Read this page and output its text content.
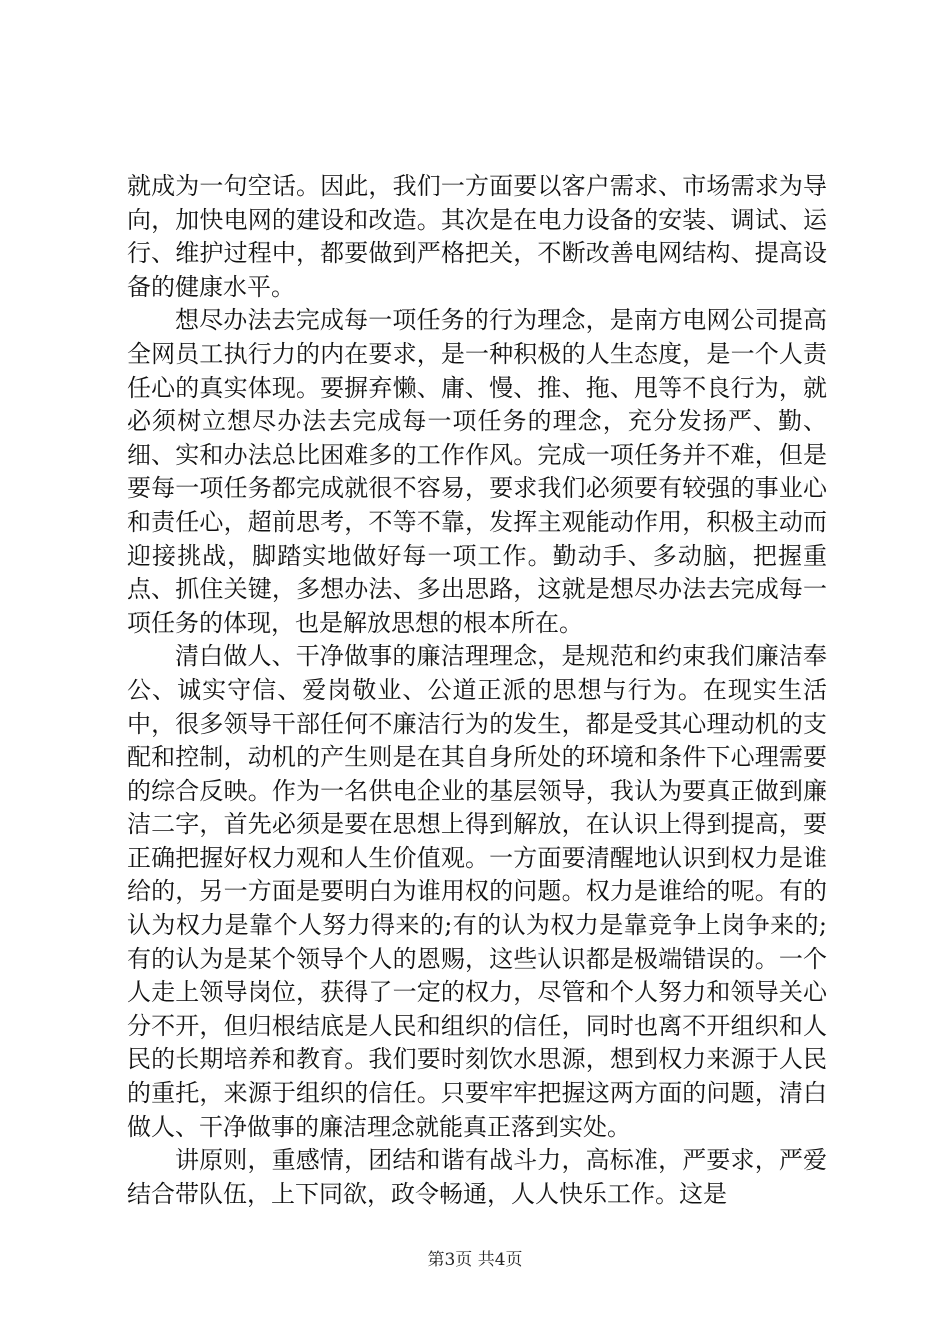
就成为一句空话。因此，我们一方面要以客户需求、市场需求为导向，加快电网的建设和改造。其次是在电力设备的安装、调试、运行、维护过程中，都要做到严格把关，不断改善电网结构、提高设备的健康水平。

想尽办法去完成每一项任务的行为理念，是南方电网公司提高全网员工执行力的内在要求，是一种积极的人生态度，是一个人责任心的真实体现。要摒弃懒、庸、慢、推、拖、甩等不良行为，就必须树立想尽办法去完成每一项任务的理念，充分发扬严、勤、细、实和办法总比困难多的工作作风。完成一项任务并不难，但是要每一项任务都完成就很不容易，要求我们必须要有较强的事业心和责任心，超前思考，不等不靠，发挥主观能动作用，积极主动而迎接挑战，脚踏实地做好每一项工作。勤动手、多动脑，把握重点、抓住关键，多想办法、多出思路，这就是想尽办法去完成每一项任务的体现，也是解放思想的根本所在。

清白做人、干净做事的廉洁理理念，是规范和约束我们廉洁奉公、诚实守信、爱岗敬业、公道正派的思想与行为。在现实生活中，很多领导干部任何不廉洁行为的发生，都是受其心理动机的支配和控制，动机的产生则是在其自身所处的环境和条件下心理需要的综合反映。作为一名供电企业的基层领导，我认为要真正做到廉洁二字，首先必须是要在思想上得到解放，在认识上得到提高，要正确把握好权力观和人生价值观。一方面要清醒地认识到权力是谁给的，另一方面是要明白为谁用权的问题。权力是谁给的呢。有的认为权力是靠个人努力得来的;有的认为权力是靠竞争上岗争来的;有的认为是某个领导个人的恩赐，这些认识都是极端错误的。一个人走上领导岗位，获得了一定的权力，尽管和个人努力和领导关心分不开，但归根结底是人民和组织的信任，同时也离不开组织和人民的长期培养和教育。我们要时刻饮水思源，想到权力来源于人民的重托，来源于组织的信任。只要牢牢把握这两方面的问题，清白做人、干净做事的廉洁理念就能真正落到实处。

讲原则，重感情，团结和谐有战斗力，高标准，严要求，严爱结合带队伍，上下同欲，政令畅通，人人快乐工作。这是

第3页 共4页
